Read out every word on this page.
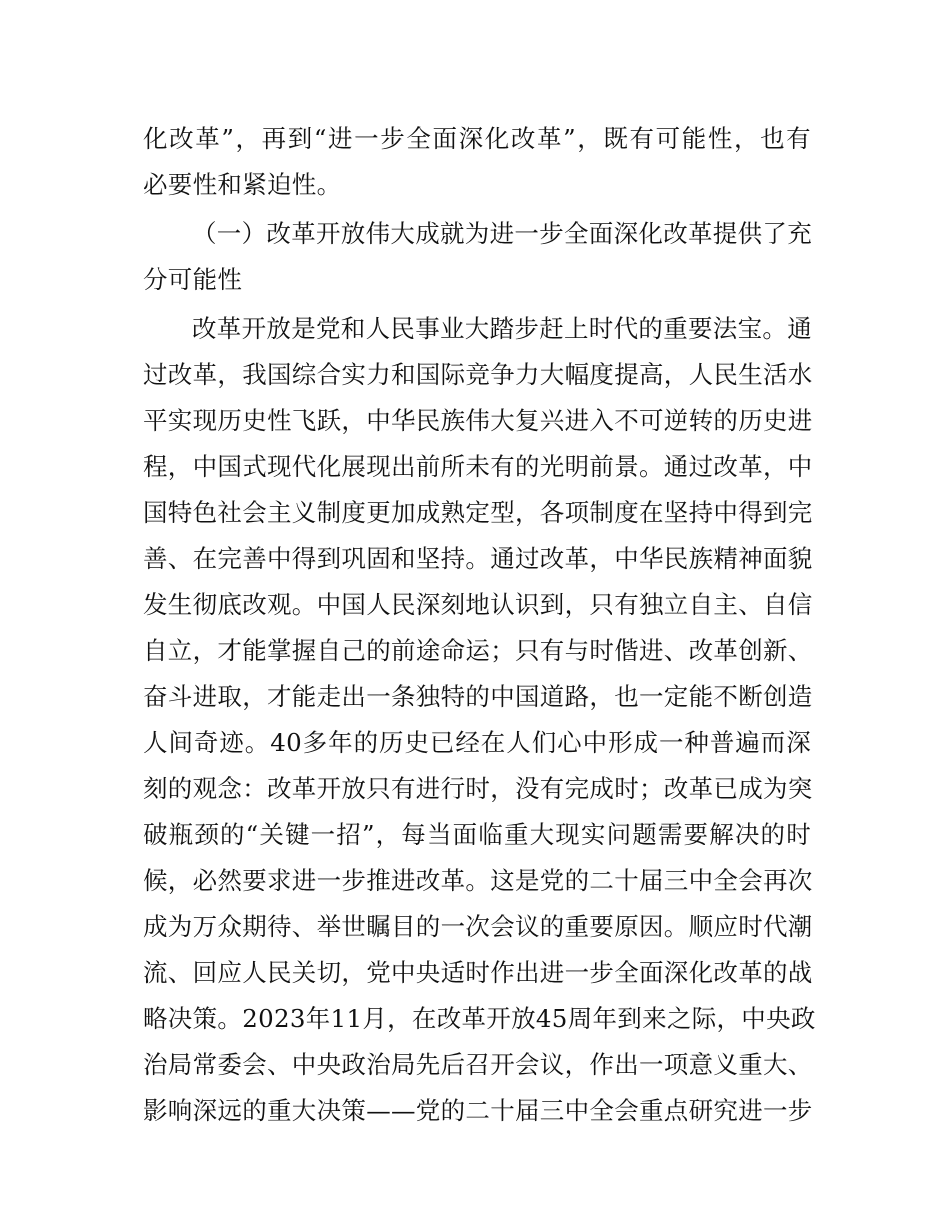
化改革”，再到“进一步全面深化改革”，既有可能性，也有
必要性和紧迫性。
（一）改革开放伟大成就为进一步全面深化改革提供了充
分可能性
改革开放是党和人民事业大踏步赶上时代的重要法宝。通
过改革，我国综合实力和国际竞争力大幅度提高，人民生活水
平实现历史性飞跃，中华民族伟大复兴进入不可逆转的历史进
程，中国式现代化展现出前所未有的光明前景。通过改革，中
国特色社会主义制度更加成熟定型，各项制度在坚持中得到完
善、在完善中得到巩固和坚持。通过改革，中华民族精神面貌
发生彻底改观。中国人民深刻地认识到，只有独立自主、自信
自立，才能掌握自己的前途命运；只有与时偕进、改革创新、
奋斗进取，才能走出一条独特的中国道路，也一定能不断创造
人间奇迹。40多年的历史已经在人们心中形成一种普遍而深
刻的观念：改革开放只有进行时，没有完成时；改革已成为突
破瓶颈的“关键一招”，每当面临重大现实问题需要解决的时
候，必然要求进一步推进改革。这是党的二十届三中全会再次
成为万众期待、举世瞩目的一次会议的重要原因。顺应时代潮
流、回应人民关切，党中央适时作出进一步全面深化改革的战
略决策。2023年11月，在改革开放45周年到来之际，中央政
治局常委会、中央政治局先后召开会议，作出一项意义重大、
影响深远的重大决策——党的二十届三中全会重点研究进一步
